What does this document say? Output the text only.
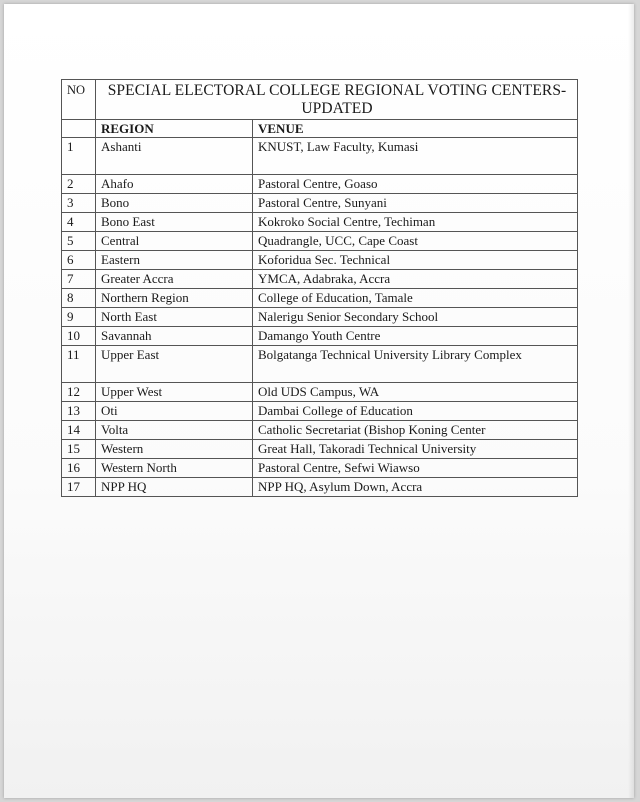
NO	SPECIAL ELECTORAL COLLEGE REGIONAL VOTING CENTERS-UPDATED	
	REGION	VENUE
1	Ashanti	KNUST, Law Faculty, Kumasi
2	Ahafo	Pastoral Centre, Goaso
3	Bono	Pastoral Centre, Sunyani
4	Bono East	Kokroko Social Centre, Techiman
5	Central	Quadrangle, UCC, Cape Coast
6	Eastern	Koforidua Sec. Technical
7	Greater Accra	YMCA, Adabraka, Accra
8	Northern Region	College of Education, Tamale
9	North East	Nalerigu Senior Secondary School
10	Savannah	Damango Youth Centre
11	Upper East	Bolgatanga Technical University Library Complex
12	Upper West	Old UDS Campus, WA
13	Oti	Dambai College of Education
14	Volta	Catholic Secretariat (Bishop Koning Center
15	Western	Great Hall, Takoradi Technical University
16	Western North	Pastoral Centre, Sefwi Wiawso
17	NPP HQ	NPP HQ, Asylum Down, Accra
